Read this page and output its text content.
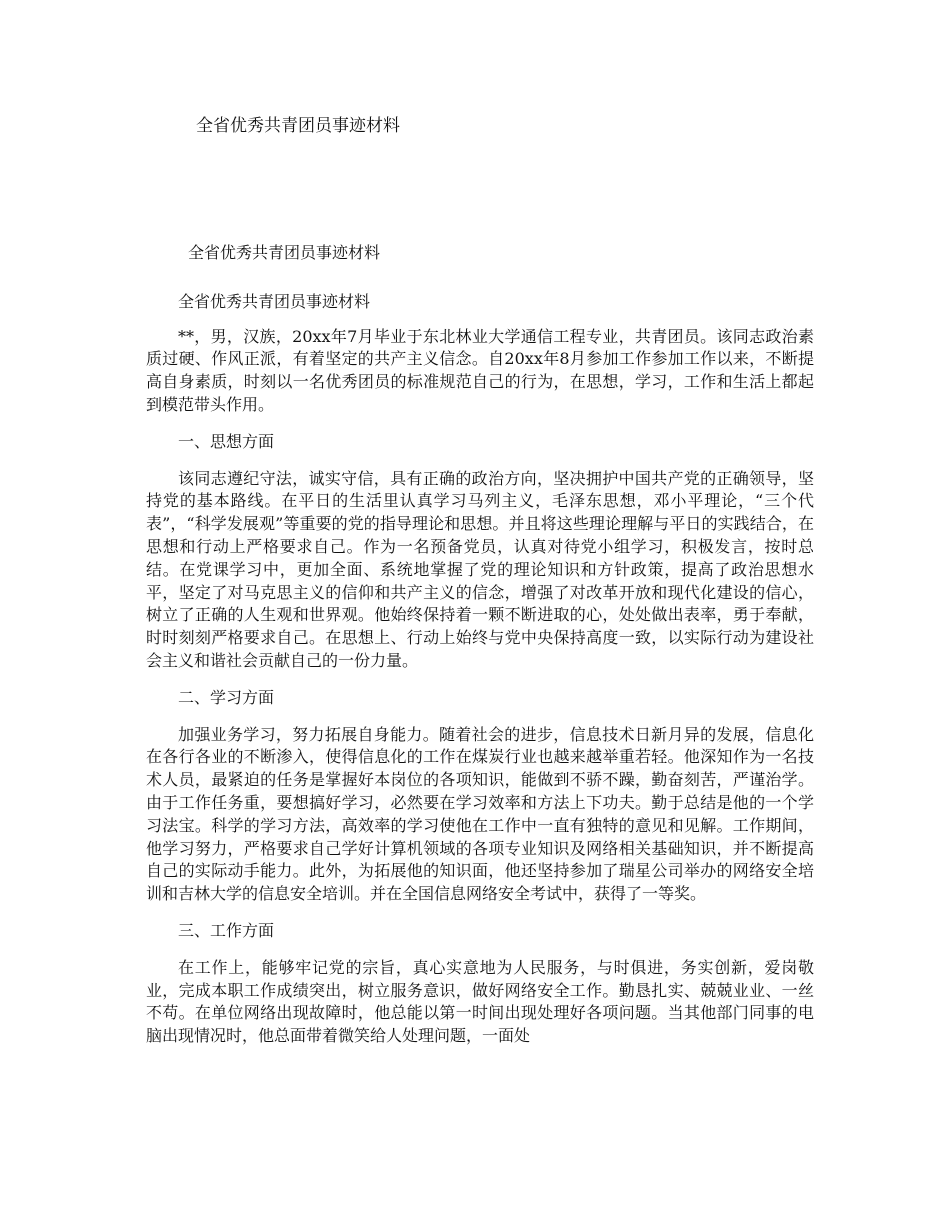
全省优秀共青团员事迹材料
全省优秀共青团员事迹材料
全省优秀共青团员事迹材料

**，男，汉族，20xx年7月毕业于东北林业大学通信工程专业，共青团员。该同志政治素质过硬、作风正派，有着坚定的共产主义信念。自20xx年8月参加工作参加工作以来，不断提高自身素质，时刻以一名优秀团员的标准规范自己的行为，在思想，学习，工作和生活上都起到模范带头作用。

一、思想方面

该同志遵纪守法，诚实守信，具有正确的政治方向，坚决拥护中国共产党的正确领导，坚持党的基本路线。在平日的生活里认真学习马列主义，毛泽东思想，邓小平理论，“三个代表”，“科学发展观”等重要的党的指导理论和思想。并且将这些理论理解与平日的实践结合，在思想和行动上严格要求自己。作为一名预备党员，认真对待党小组学习，积极发言，按时总结。在党课学习中，更加全面、系统地掌握了党的理论知识和方针政策，提高了政治思想水平，坚定了对马克思主义的信仰和共产主义的信念，增强了对改革开放和现代化建设的信心，树立了正确的人生观和世界观。他始终保持着一颗不断进取的心，处处做出表率，勇于奉献，时时刻刻严格要求自己。在思想上、行动上始终与党中央保持高度一致，以实际行动为建设社会主义和谐社会贡献自己的一份力量。

二、学习方面

加强业务学习，努力拓展自身能力。随着社会的进步，信息技术日新月异的发展，信息化在各行各业的不断渗入，使得信息化的工作在煤炭行业也越来越举重若轻。他深知作为一名技术人员，最紧迫的任务是掌握好本岗位的各项知识，能做到不骄不躁，勤奋刻苦，严谨治学。由于工作任务重，要想搞好学习，必然要在学习效率和方法上下功夫。勤于总结是他的一个学习法宝。科学的学习方法，高效率的学习使他在工作中一直有独特的意见和见解。工作期间，他学习努力，严格要求自己学好计算机领域的各项专业知识及网络相关基础知识，并不断提高自己的实际动手能力。此外，为拓展他的知识面，他还坚持参加了瑞星公司举办的网络安全培训和吉林大学的信息安全培训。并在全国信息网络安全考试中，获得了一等奖。

三、工作方面

在工作上，能够牢记党的宗旨，真心实意地为人民服务，与时俱进，务实创新，爱岗敬业，完成本职工作成绩突出，树立服务意识，做好网络安全工作。勤恳扎实、兢兢业业、一丝不苟。在单位网络出现故障时，他总能以第一时间出现处理好各项问题。当其他部门同事的电脑出现情况时，他总面带着微笑给人处理问题，一面处
